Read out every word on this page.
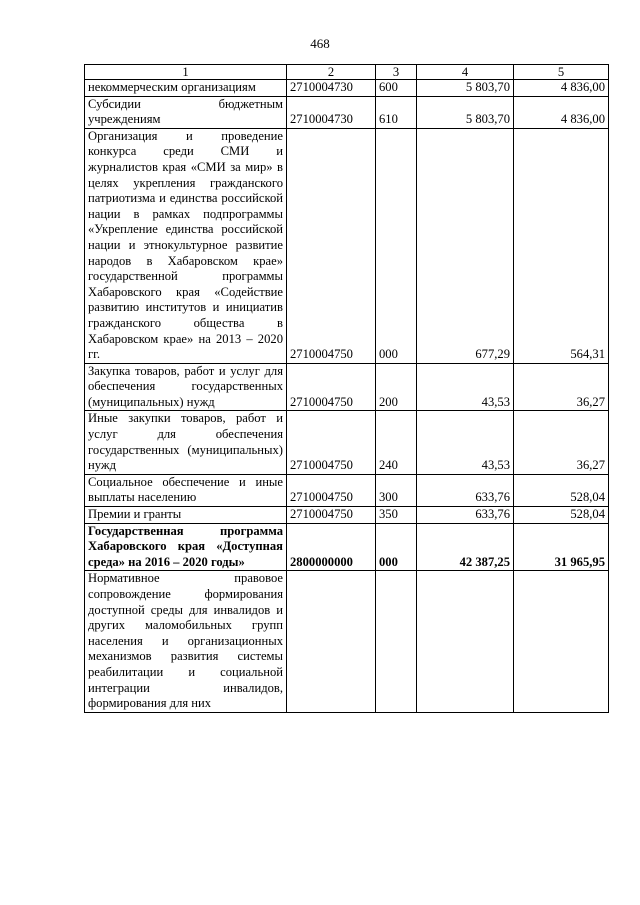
468
1	2	3	4	5
некоммерческим организациям	2710004730	600	5 803,70	4 836,00
Субсидии бюджетным учреждениям	2710004730	610	5 803,70	4 836,00
Организация и проведение конкурса среди СМИ и журналистов края «СМИ за мир» в целях укрепления гражданского патриотизма и единства российской нации в рамках подпрограммы «Укрепление единства российской нации и этнокультурное развитие народов в Хабаровском крае» государственной программы Хабаровского края «Содействие развитию институтов и инициатив гражданского общества в Хабаровском крае» на 2013 – 2020 гг.	2710004750	000	677,29	564,31
Закупка товаров, работ и услуг для обеспечения государственных (муниципальных) нужд	2710004750	200	43,53	36,27
Иные закупки товаров, работ и услуг для обеспечения государственных (муниципальных) нужд	2710004750	240	43,53	36,27
Социальное обеспечение и иные выплаты населению	2710004750	300	633,76	528,04
Премии и гранты	2710004750	350	633,76	528,04
Государственная программа Хабаровского края «Доступная среда» на 2016 – 2020 годы»	2800000000	000	42 387,25	31 965,95
Нормативное правовое сопровождение формирования доступной среды для инвалидов и других маломобильных групп населения и организационных механизмов развития системы реабилитации и социальной интеграции инвалидов, формирования для них				
